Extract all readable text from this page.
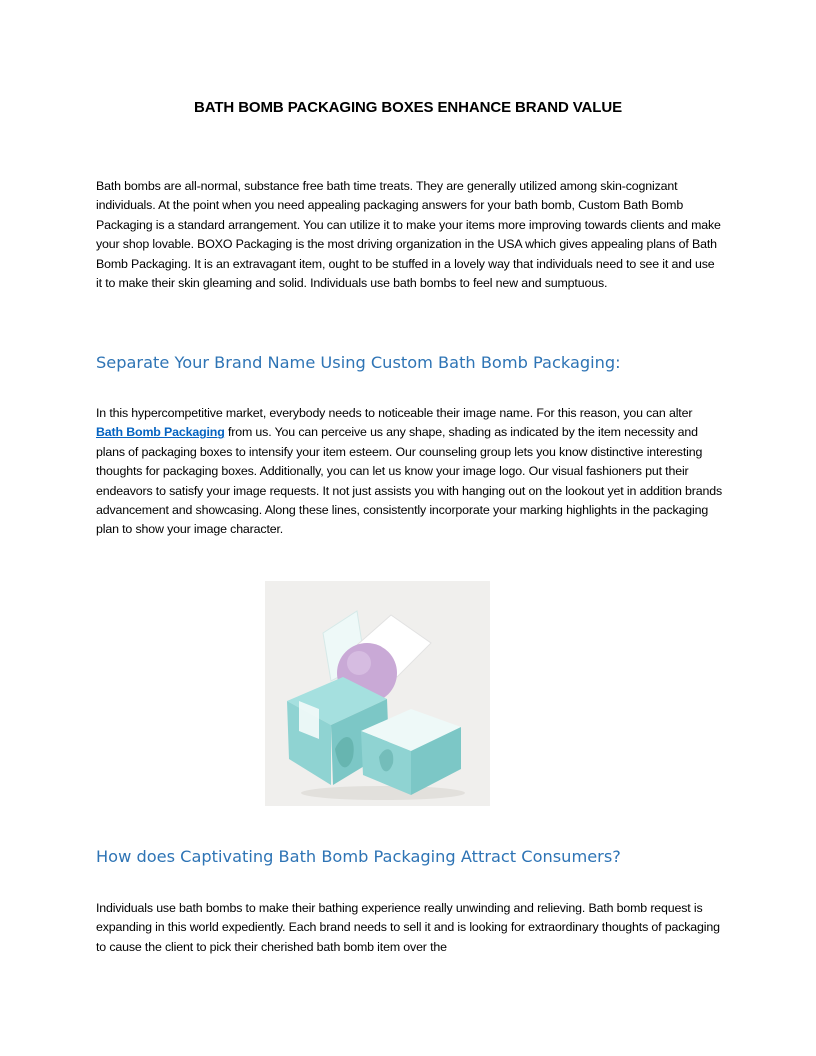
BATH BOMB PACKAGING BOXES ENHANCE BRAND VALUE

Bath bombs are all-normal, substance free bath time treats. They are generally utilized among skin-cognizant individuals. At the point when you need appealing packaging answers for your bath bomb, Custom Bath Bomb Packaging is a standard arrangement. You can utilize it to make your items more improving towards clients and make your shop lovable. BOXO Packaging is the most driving organization in the USA which gives appealing plans of Bath Bomb Packaging. It is an extravagant item, ought to be stuffed in a lovely way that individuals need to see it and use it to make their skin gleaming and solid. Individuals use bath bombs to feel new and sumptuous.

Separate Your Brand Name Using Custom Bath Bomb Packaging:

In this hypercompetitive market, everybody needs to noticeable their image name. For this reason, you can alter Bath Bomb Packaging from us. You can perceive us any shape, shading as indicated by the item necessity and plans of packaging boxes to intensify your item esteem. Our counseling group lets you know distinctive interesting thoughts for packaging boxes. Additionally, you can let us know your image logo. Our visual fashioners put their endeavors to satisfy your image requests. It not just assists you with hanging out on the lookout yet in addition brands advancement and showcasing. Along these lines, consistently incorporate your marking highlights in the packaging plan to show your image character.

How does Captivating Bath Bomb Packaging Attract Consumers?

Individuals use bath bombs to make their bathing experience really unwinding and relieving. Bath bomb request is expanding in this world expediently. Each brand needs to sell it and is looking for extraordinary thoughts of packaging to cause the client to pick their cherished bath bomb item over the
